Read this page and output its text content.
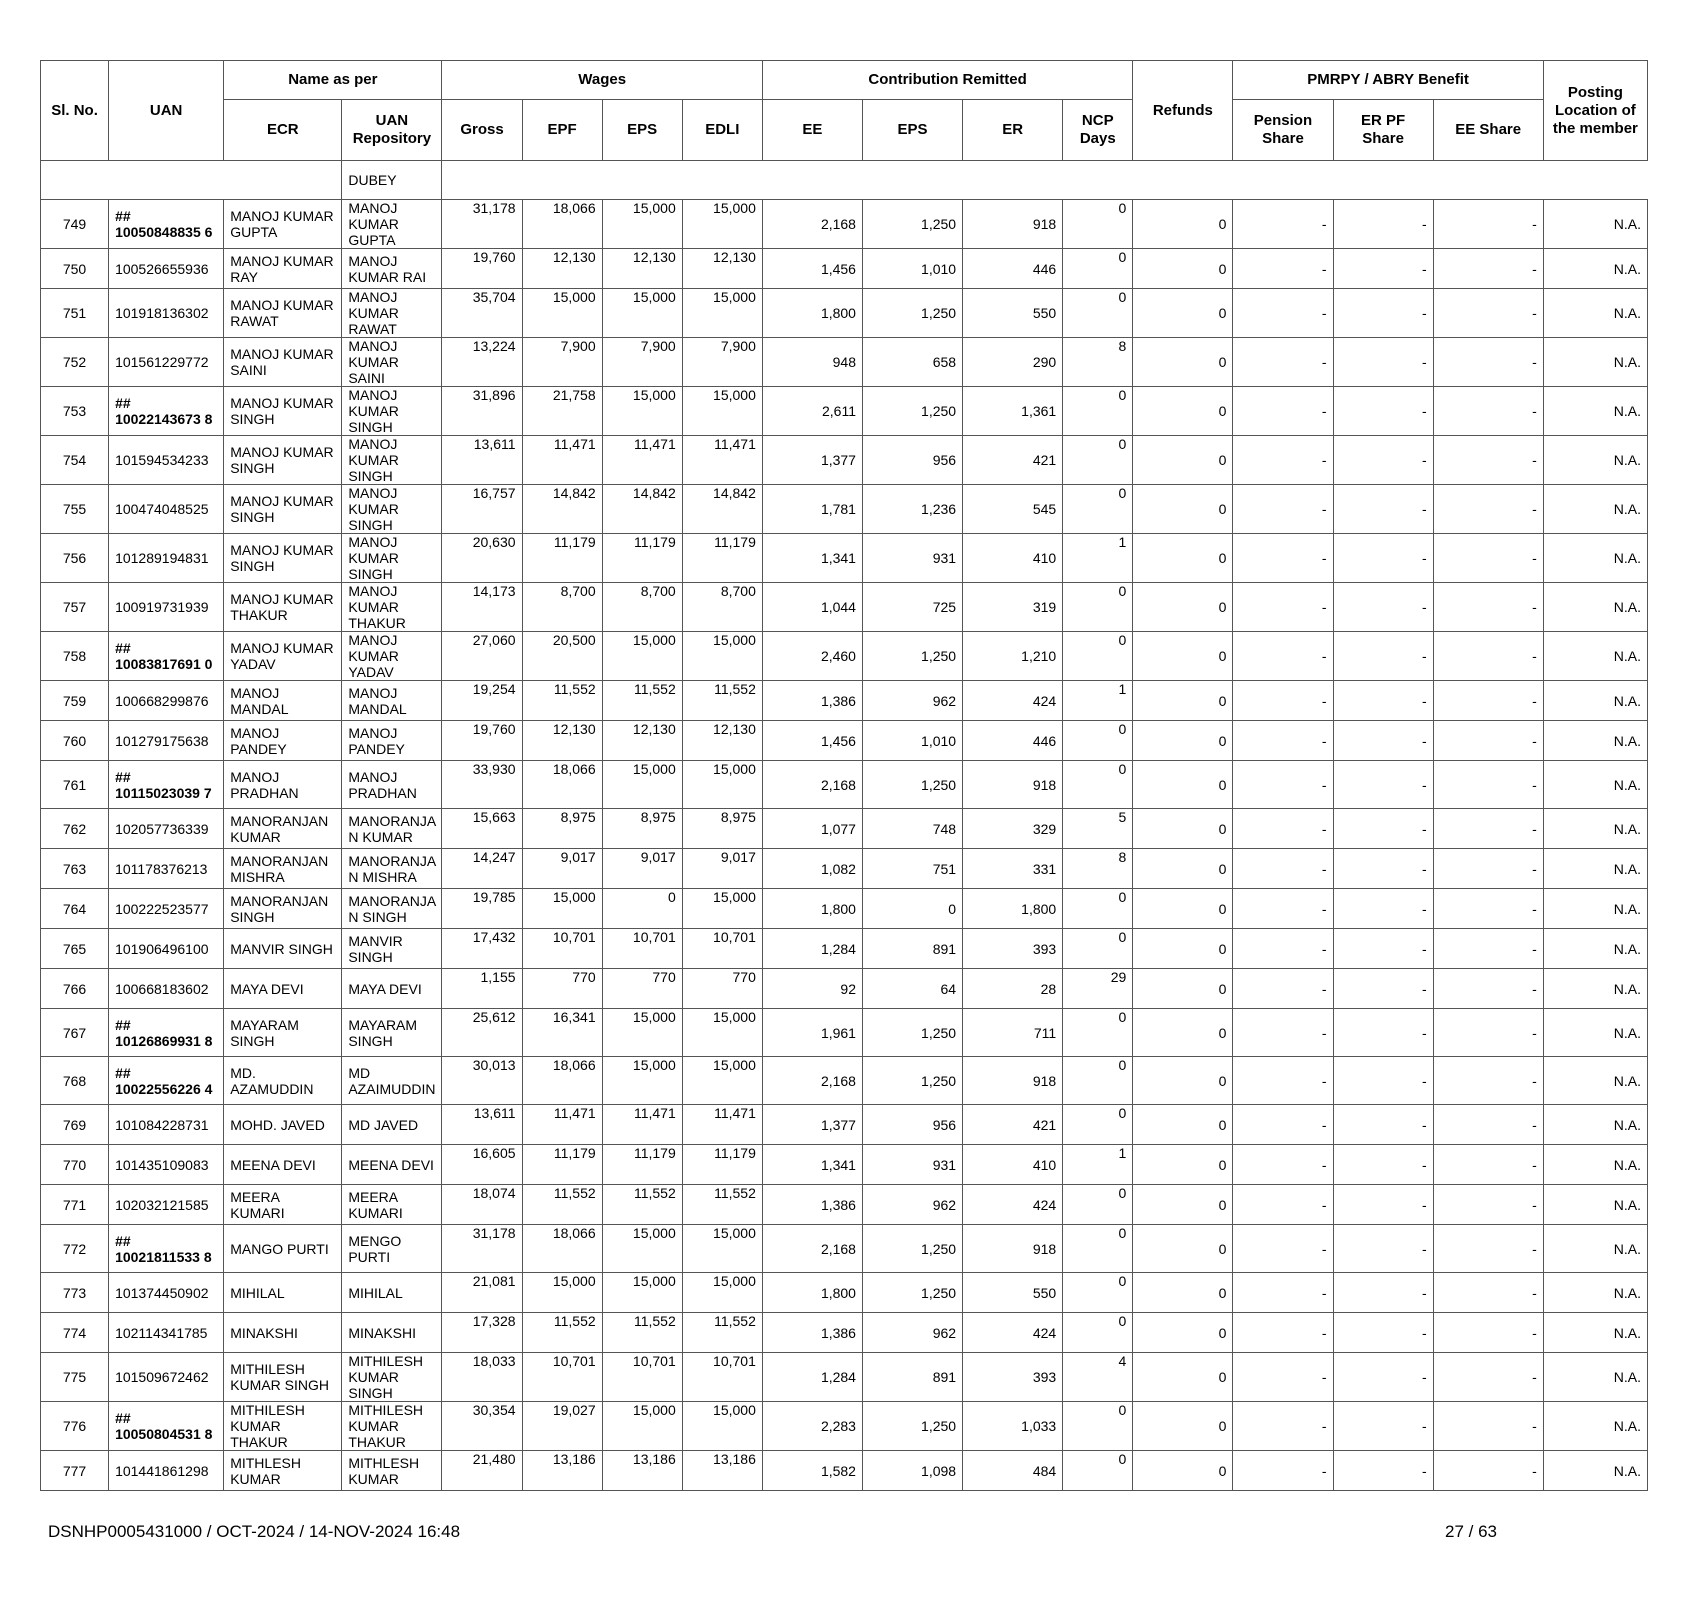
Sl. No.	UAN	Name as per		Wages				Contribution Remitted				Refunds	PMRPY / ABRY Benefit			Posting Location of the member
		ECR	UAN Repository	Gross	EPF	EPS	EDLI	EE	EPS	ER	NCP Days		Pension Share	ER PF Share	EE Share	
			DUBEY													
749	## 10050848835 6	MANOJ KUMAR GUPTA	MANOJ KUMAR GUPTA	31,178	18,066	15,000	15,000	2,168	1,250	918	0	0	-	-	-	N.A.
750	100526655936	MANOJ KUMAR RAY	MANOJ KUMAR RAI	19,760	12,130	12,130	12,130	1,456	1,010	446	0	0	-	-	-	N.A.
751	101918136302	MANOJ KUMAR RAWAT	MANOJ KUMAR RAWAT	35,704	15,000	15,000	15,000	1,800	1,250	550	0	0	-	-	-	N.A.
752	101561229772	MANOJ KUMAR SAINI	MANOJ KUMAR SAINI	13,224	7,900	7,900	7,900	948	658	290	8	0	-	-	-	N.A.
753	## 10022143673 8	MANOJ KUMAR SINGH	MANOJ KUMAR SINGH	31,896	21,758	15,000	15,000	2,611	1,250	1,361	0	0	-	-	-	N.A.
754	101594534233	MANOJ KUMAR SINGH	MANOJ KUMAR SINGH	13,611	11,471	11,471	11,471	1,377	956	421	0	0	-	-	-	N.A.
755	100474048525	MANOJ KUMAR SINGH	MANOJ KUMAR SINGH	16,757	14,842	14,842	14,842	1,781	1,236	545	0	0	-	-	-	N.A.
756	101289194831	MANOJ KUMAR SINGH	MANOJ KUMAR SINGH	20,630	11,179	11,179	11,179	1,341	931	410	1	0	-	-	-	N.A.
757	100919731939	MANOJ KUMAR THAKUR	MANOJ KUMAR THAKUR	14,173	8,700	8,700	8,700	1,044	725	319	0	0	-	-	-	N.A.
758	## 10083817691 0	MANOJ KUMAR YADAV	MANOJ KUMAR YADAV	27,060	20,500	15,000	15,000	2,460	1,250	1,210	0	0	-	-	-	N.A.
759	100668299876	MANOJ MANDAL	MANOJ MANDAL	19,254	11,552	11,552	11,552	1,386	962	424	1	0	-	-	-	N.A.
760	101279175638	MANOJ PANDEY	MANOJ PANDEY	19,760	12,130	12,130	12,130	1,456	1,010	446	0	0	-	-	-	N.A.
761	## 10115023039 7	MANOJ PRADHAN	MANOJ PRADHAN	33,930	18,066	15,000	15,000	2,168	1,250	918	0	0	-	-	-	N.A.
762	102057736339	MANORANJAN KUMAR	MANORANJA N KUMAR	15,663	8,975	8,975	8,975	1,077	748	329	5	0	-	-	-	N.A.
763	101178376213	MANORANJAN MISHRA	MANORANJA N MISHRA	14,247	9,017	9,017	9,017	1,082	751	331	8	0	-	-	-	N.A.
764	100222523577	MANORANJAN SINGH	MANORANJA N SINGH	19,785	15,000	0	15,000	1,800	0	1,800	0	0	-	-	-	N.A.
765	101906496100	MANVIR SINGH	MANVIR SINGH	17,432	10,701	10,701	10,701	1,284	891	393	0	0	-	-	-	N.A.
766	100668183602	MAYA DEVI	MAYA DEVI	1,155	770	770	770	92	64	28	29	0	-	-	-	N.A.
767	## 10126869931 8	MAYARAM SINGH	MAYARAM SINGH	25,612	16,341	15,000	15,000	1,961	1,250	711	0	0	-	-	-	N.A.
768	## 10022556226 4	MD. AZAMUDDIN	MD AZAIMUDDIN	30,013	18,066	15,000	15,000	2,168	1,250	918	0	0	-	-	-	N.A.
769	101084228731	MOHD. JAVED	MD JAVED	13,611	11,471	11,471	11,471	1,377	956	421	0	0	-	-	-	N.A.
770	101435109083	MEENA DEVI	MEENA DEVI	16,605	11,179	11,179	11,179	1,341	931	410	1	0	-	-	-	N.A.
771	102032121585	MEERA KUMARI	MEERA KUMARI	18,074	11,552	11,552	11,552	1,386	962	424	0	0	-	-	-	N.A.
772	## 10021811533 8	MANGO PURTI	MENGO PURTI	31,178	18,066	15,000	15,000	2,168	1,250	918	0	0	-	-	-	N.A.
773	101374450902	MIHILAL	MIHILAL	21,081	15,000	15,000	15,000	1,800	1,250	550	0	0	-	-	-	N.A.
774	102114341785	MINAKSHI	MINAKSHI	17,328	11,552	11,552	11,552	1,386	962	424	0	0	-	-	-	N.A.
775	101509672462	MITHILESH KUMAR SINGH	MITHILESH KUMAR SINGH	18,033	10,701	10,701	10,701	1,284	891	393	4	0	-	-	-	N.A.
776	## 10050804531 8	MITHILESH KUMAR THAKUR	MITHILESH KUMAR THAKUR	30,354	19,027	15,000	15,000	2,283	1,250	1,033	0	0	-	-	-	N.A.
777	101441861298	MITHLESH KUMAR	MITHLESH KUMAR	21,480	13,186	13,186	13,186	1,582	1,098	484	0	0	-	-	-	N.A.
DSNHP0005431000 / OCT-2024 / 14-NOV-2024 16:48	27 / 63
